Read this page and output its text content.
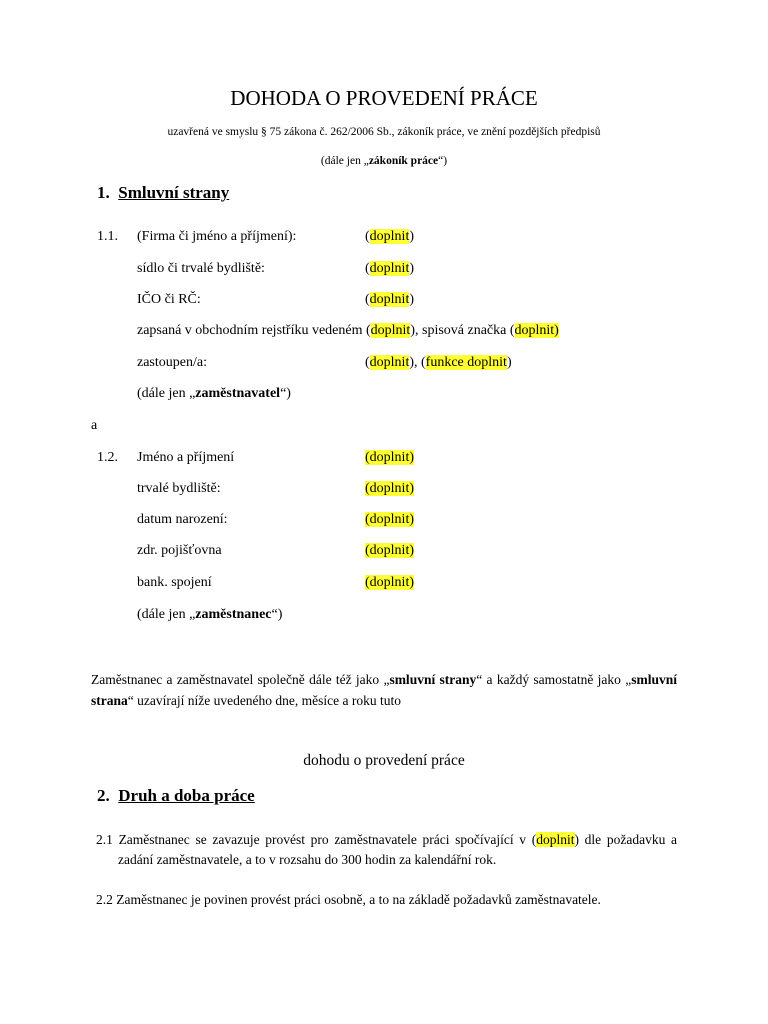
DOHODA O PROVEDENÍ PRÁCE
uzavřená ve smyslu § 75 zákona č. 262/2006 Sb., zákoník práce, ve znění pozdějších předpisů
(dále jen „zákoník práce“)
1. Smluvní strany
1.1. (Firma či jméno a příjmení):	(doplnit)
sídlo či trvalé bydliště:	(doplnit)
IČO či RČ:	(doplnit)
zapsaná v obchodním rejstříku vedeném (doplnit), spisová značka (doplnit)
zastoupen/a:	(doplnit), (funkce doplnit)
(dále jen „zaměstnavatel“)
a
1.2. Jméno a příjmení	(doplnit)
trvalé bydliště:	(doplnit)
datum narození:	(doplnit)
zdr. pojišťovna	(doplnit)
bank. spojení	(doplnit)
(dále jen „zaměstnanec“)
Zaměstnanec a zaměstnavatel společně dále též jako „smluvní strany“ a každý samostatně jako „smluvní strana“ uzavírají níže uvedeného dne, měsíce a roku tuto
dohodu o provedení práce
2. Druh a doba práce
2.1 Zaměstnanec se zavazuje provést pro zaměstnavatele práci spočívající v (doplnit) dle požadavku a zadání zaměstnavatele, a to v rozsahu do 300 hodin za kalendářní rok.
2.2 Zaměstnanec je povinen provést práci osobně, a to na základě požadavků zaměstnavatele.
